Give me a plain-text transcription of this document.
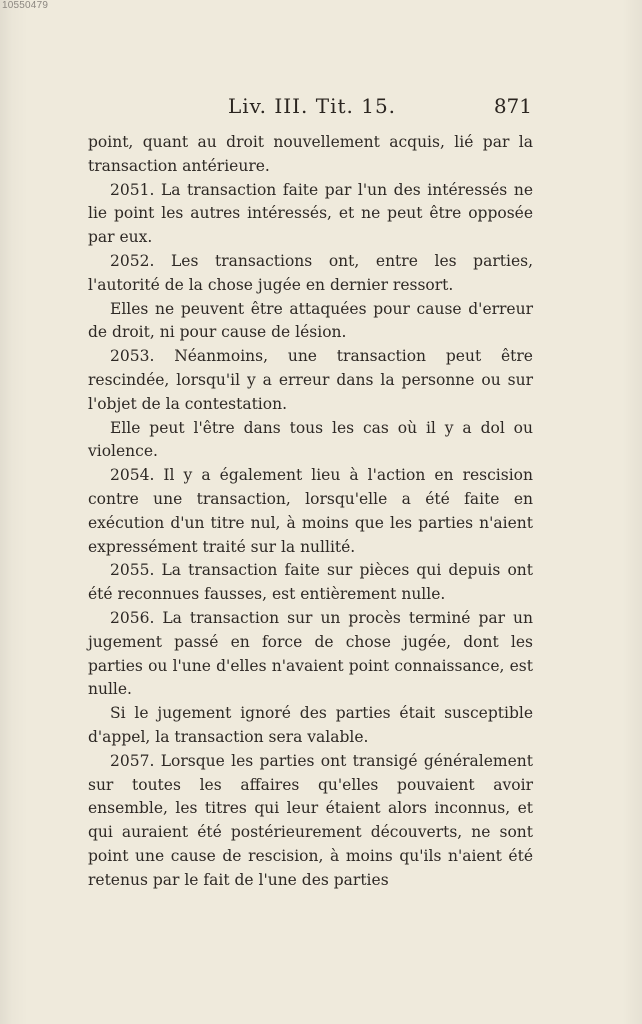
10550479
Liv. III. Tit. 15.	871

point, quant au droit nouvellement acquis, lié par la transaction antérieure.

2051. La transaction faite par l'un des intéressés ne lie point les autres intéressés, et ne peut être opposée par eux.

2052. Les transactions ont, entre les parties, l'autorité de la chose jugée en dernier ressort.

Elles ne peuvent être attaquées pour cause d'erreur de droit, ni pour cause de lésion.

2053. Néanmoins, une transaction peut être rescindée, lorsqu'il y a erreur dans la personne ou sur l'objet de la contestation.

Elle peut l'être dans tous les cas où il y a dol ou violence.

2054. Il y a également lieu à l'action en rescision contre une transaction, lorsqu'elle a été faite en exécution d'un titre nul, à moins que les parties n'aient expressément traité sur la nullité.

2055. La transaction faite sur pièces qui depuis ont été reconnues fausses, est entièrement nulle.

2056. La transaction sur un procès terminé par un jugement passé en force de chose jugée, dont les parties ou l'une d'elles n'avaient point connaissance, est nulle.

Si le jugement ignoré des parties était susceptible d'appel, la transaction sera valable.

2057. Lorsque les parties ont transigé généralement sur toutes les affaires qu'elles pouvaient avoir ensemble, les titres qui leur étaient alors inconnus, et qui auraient été postérieurement découverts, ne sont point une cause de rescision, à moins qu'ils n'aient été retenus par le fait de l'une des parties
